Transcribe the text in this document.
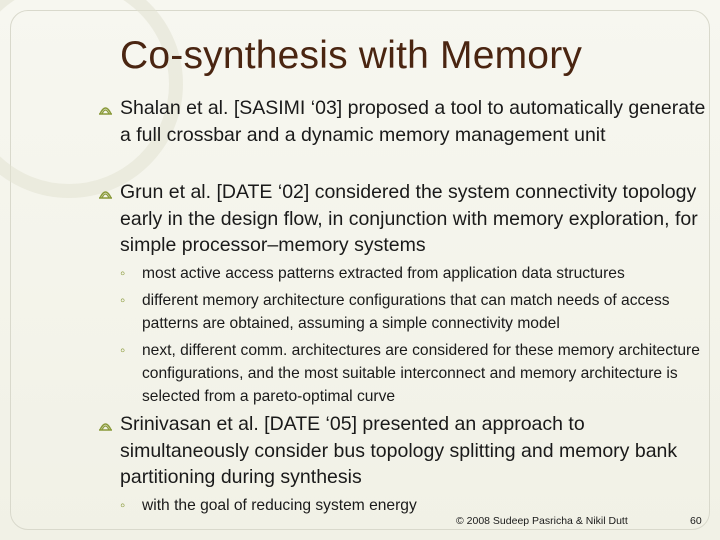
Co-synthesis with Memory
Shalan et al. [SASIMI ‘03] proposed a tool to automatically generate a full crossbar and a dynamic memory management unit
Grun et al. [DATE ‘02] considered the system connectivity topology early in the design flow, in conjunction with memory exploration, for simple processor–memory systems
◦ most active access patterns extracted from application data structures
◦ different memory architecture configurations that can match needs of access patterns are obtained, assuming a simple connectivity model
◦ next, different comm. architectures are considered for these memory architecture configurations, and the most suitable interconnect and memory architecture is selected from a pareto-optimal curve
Srinivasan et al. [DATE ‘05] presented an approach to simultaneously consider bus topology splitting and memory bank partitioning during synthesis
◦ with the goal of reducing system energy
© 2008 Sudeep Pasricha & Nikil Dutt	60
